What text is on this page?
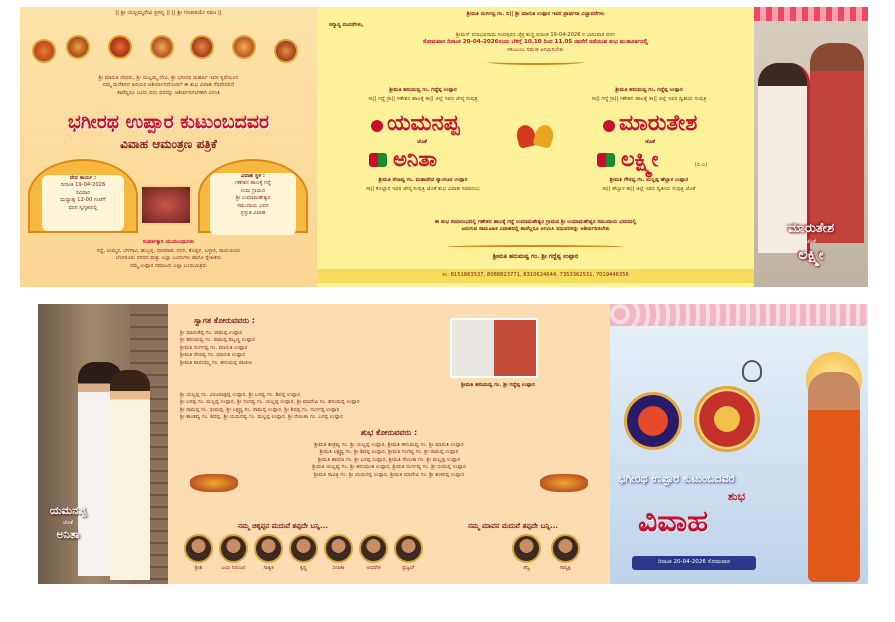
|| ಶ್ರೀ ಯಲ್ಲಮ್ಮದೇವಿ ಪ್ರಸನ್ನ || || ಶ್ರೀ ಗಣಪತಯೇ ನಮಃ ||
ಶ್ರೀ ಮಾರುತಿ ದೇವರು, ಶ್ರೀ ಯಲ್ಲಮ್ಮ ದೇವಿ, ಶ್ರೀ ಭಗೀರಥ ಮಹರ್ಷಿ ಇವರ ಕೃಪೆಯಿಂದ
ನಮ್ಮ ಮನೆತನದ ಹಿರಿಯರ ಆಶೀರ್ವಾದದೊಂದಿಗೆ ಈ ಶುಭ ವಿವಾಹ ನೆರವೇರಲಿದೆ
ತಾವೆಲ್ಲರೂ ಬಂದು ವಧು ವರರನ್ನು ಆಶೀರ್ವದಿಸಬೇಕಾಗಿ ವಿನಂತಿ
ಭಗೀರಥ ಉಪ್ಪಾರ ಕುಟುಂಬದವರ
ವಿವಾಹ ಆಮಂತ್ರಣ ಪತ್ರಿಕೆ
ದೇವ ಕಾರ್ಯ :
ದಿನಾಂಕ 19-04-2026
ರವಿವಾರ
ಮಧ್ಯಾಹ್ನ 12-00 ಗಂಟೆಗೆ
ವರನ ಸ್ವಗೃಹದಲ್ಲಿ
ವಿವಾಹ ಸ್ಥಳ :
ಗಣೇಶನ ಹಾಲಕ್ಕೆ ಗದ್ದೆ
ಉಮ ಗ್ರಾಮದ
ಶ್ರೀ ಉಮಾಮಹೇಶ್ವರ
ಸಮುದಾಯ ಭವನ
ಪ್ರಸ್ತುತ ವಿವಾಹ
ಸಂಪರ್ಕಕ್ಕಾಗಿ ಯುವಬಂಧುಗಳು
ಗದ್ದೆ, ಉಮ್ಮರ, ಬೆಳಗಾವಿ, ಹುಬ್ಬಳ್ಳಿ, ಧಾರವಾಡ, ಗದಗ, ಕೊಪ್ಪಳ, ಬಳ್ಳಾರಿ, ರಾಯಚೂರು
ಬೆಂಗಳೂರು ನಗರದ ಮತ್ತು ಎಲ್ಲಾ ಬಂಧುಗಳು ಹಾಗೂ ಸ್ನೇಹಿತರು
ನಮ್ಮ ಉಪ್ಪಾರ ಸಮಾಜದ ಎಲ್ಲಾ ಬಂಧುಮಿತ್ರರು
ಶ್ರೀಮತಿ ದುರ್ಗವ್ವ ಗಂ. ದಿ|| ಶ್ರೀ ಮಾರುತಿ ಉಪ್ಪಾರ ಇವರ ಪ್ರಾರ್ಥನಾ ವಿಜ್ಞಾಪನೆಗಳು
ಸನ್ಮಾನ್ಯ ವಂದನೆಗಳು,
ಶ್ರೀಮನ್ ಪರಾಭವನಾಮ ಸಂವತ್ಸರದ ಚೈತ್ರ ಶುದ್ಧ ದಿನಾಂಕ 19-04-2026 ರ ಭಾನುವಾರ ವರನ
ಸೋಮವಾರ ದಿನಾಂಕ 20-04-2026ರಂದು ಬೆಳಿಗ್ಗೆ 10.10 ರಿಂದ 11.05 ರವರೆಗೆ ನಡೆಯುವ ಶುಭ ಮುಹೂರ್ತದಲ್ಲಿ
ಸಕುಟುಂಬ ಸಮೇತ ಆಗಮಿಸಬೇಕು
ಶ್ರೀಮತಿ ಹನುಮವ್ವ ಗಂ. ಗದ್ದೆಪ್ಪ ಉಪ್ಪಾರ
ಸಾ|| ಗದ್ದೆ ಗ್ರಾ|| ಗಣೇಶನ ಹಾಲಕ್ಕೆ ತಾ|| ಜಿಲ್ಲೆ ಇವರ ಜೇಷ್ಠ ಸುಪುತ್ರ
ಶ್ರೀಮತಿ ಹನುಮವ್ವ ಗಂ. ಗದ್ದೆಪ್ಪ ಉಪ್ಪಾರ
ಸಾ|| ಗದ್ದೆ ಗ್ರಾ|| ಗಣೇಶನ ಹಾಲಕ್ಕೆ ತಾ|| ಜಿಲ್ಲೆ ಇವರ ದ್ವಿತೀಯ ಸುಪುತ್ರ
ಯಮನಪ್ಪ	ಮಾರುತೇಶ
ಜೊತೆ	ಜೊತೆ
ಅನಿತಾ	ಲಕ್ಷ್ಮೀ	(ಬಿ.ಎ)
ಶ್ರೀಮತಿ ರೇಣವ್ವ ಗಂ. ಮಹಾದೇವ ಸ್ಯಾಂಗೂರ ಉಪ್ಪಾರ
ಸಾ|| ಕೊಲ್ಲಾರ ಇವರ ಜೇಷ್ಠ ಸುಪುತ್ರಿ ಜೊತೆ ಶುಭ ವಿವಾಹ ಸಮಾರಂಭ
ಶ್ರೀಮತಿ ಗೌರವ್ವ ಗಂ. ಮಲ್ಲಪ್ಪ ಹೆಬ್ಬಾಳ ಉಪ್ಪಾರ
ಸಾ|| ಹೆಬ್ಬಾಳ ತಾ|| ಜಿಲ್ಲೆ ಇವರ ದ್ವಿತೀಯ ಸುಪುತ್ರಿ ಜೊತೆ
ಈ ಶುಭ ಸಮಾರಂಭದಲ್ಲಿ ಗಣೇಶನ ಹಾಲಕ್ಕೆ ಗದ್ದೆ ಉಮಾಮಹೇಶ್ವರ ಗ್ರಾಮದ ಶ್ರೀ ಉಮಾಮಹೇಶ್ವರ ಸಮುದಾಯ ಭವನದಲ್ಲಿ
ಜರುಗುವ ಸಾಮೂಹಿಕ ವಿವಾಹದಲ್ಲಿ ತಾವೆಲ್ಲರೂ ಆಗಮಿಸಿ ವಧುವರರನ್ನು ಆಶೀರ್ವದಿಸಬೇಕು
ಶ್ರೀಮತಿ ಹನುಮವ್ವ ಗಂ. ಶ್ರೀ ಗದ್ದೆಪ್ಪ ಉಪ್ಪಾರ
ಸಂ: 8151863537, 8088823771, 8310624644, 7353362531, 7019446356
ಮಾರುತೇಶ
ಜೊತೆ
ಲಕ್ಷ್ಮೀ
ಯಮನಪ್ಪ
ಜೊತೆ
ಅನಿತಾ
ಸ್ವಾಗತ ಕೋರುವವರು :
ಶ್ರೀ ಮಾರುತೆಪ್ಪ ಗಂ. ರಾಮಪ್ಪ ಉಪ್ಪಾರ
ಶ್ರೀ ಹನುಮವ್ವ ಗಂ. ರಾಮಪ್ಪ ಡಬ್ಬಣ್ಣ ಉಪ್ಪಾರ
ಶ್ರೀಮತಿ ದುರ್ಗವ್ವ ಗಂ. ಮಾರುತಿ ಉಪ್ಪಾರ
ಶ್ರೀಮತಿ ರೇಣವ್ವ ಗಂ. ಮಾರುತಿ ಉಪ್ಪಾರ
ಶ್ರೀಮತಿ ಶಾರದಮ್ಮ ಗಂ. ಹನುಮಪ್ಪ ಪಾಟೀಲ
ಶ್ರೀಮತಿ ಹನುಮವ್ವ ಗಂ. ಶ್ರೀ ಗದ್ದೆಪ್ಪ ಉಪ್ಪಾರ
ಶ್ರೀ ಯಲ್ಲಪ್ಪ ಗಂ. ವಿರೂಪಾಕ್ಷಪ್ಪ ಉಪ್ಪಾರ, ಶ್ರೀ ಬಸವ್ವ ಗಂ. ಶಿವಪ್ಪ ಉಪ್ಪಾರ
ಶ್ರೀ ಬಸಪ್ಪ ಗಂ. ಮಲ್ಲಪ್ಪ ಉಪ್ಪಾರ, ಶ್ರೀ ಗಂಗವ್ವ ಗಂ. ಯಲ್ಲಪ್ಪ ಉಪ್ಪಾರ, ಶ್ರೀ ಮಾದೇವಿ ಗಂ. ಹನುಮಪ್ಪ ಉಪ್ಪಾರ
ಶ್ರೀ ರಾಮಪ್ಪ ಗಂ. ಭೀಮಪ್ಪ, ಶ್ರೀ ಲಕ್ಷ್ಮವ್ವ ಗಂ. ರಾಮಪ್ಪ ಉಪ್ಪಾರ, ಶ್ರೀ ಶಿವಪ್ಪ ಗಂ. ದುರ್ಗಪ್ಪ ಉಪ್ಪಾರ
ಶ್ರೀ ಶಾಂತವ್ವ ಗಂ. ಶಿವಪ್ಪ, ಶ್ರೀ ಯಮನವ್ವ ಗಂ. ಮಲ್ಲಪ್ಪ ಉಪ್ಪಾರ, ಶ್ರೀ ರೇಣುಕಾ ಗಂ. ಬಸಪ್ಪ ಉಪ್ಪಾರ
ಶುಭ ಕೋರುವವರು :
ಶ್ರೀಮತಿ ಶಂಕ್ರವ್ವ ಗಂ. ಶ್ರೀ ಯಲ್ಲಪ್ಪ ಉಪ್ಪಾರ, ಶ್ರೀಮತಿ ಹನುಮವ್ವ ಗಂ. ಶ್ರೀ ಮಾರುತಿ ಉಪ್ಪಾರ
ಶ್ರೀಮತಿ ಲಕ್ಷ್ಮವ್ವ ಗಂ. ಶ್ರೀ ಶಿವಪ್ಪ ಉಪ್ಪಾರ, ಶ್ರೀಮತಿ ಗಂಗವ್ವ ಗಂ. ಶ್ರೀ ರಾಮಪ್ಪ ಉಪ್ಪಾರ
ಶ್ರೀಮತಿ ಶಾರದಾ ಗಂ. ಶ್ರೀ ಬಸಪ್ಪ ಉಪ್ಪಾರ, ಶ್ರೀಮತಿ ರೇಣುಕಾ ಗಂ. ಶ್ರೀ ಮಲ್ಲಪ್ಪ ಉಪ್ಪಾರ
ಶ್ರೀಮತಿ ಯಲ್ಲವ್ವ ಗಂ. ಶ್ರೀ ಹನುಮಂತ ಉಪ್ಪಾರ, ಶ್ರೀಮತಿ ದುರ್ಗವ್ವ ಗಂ. ಶ್ರೀ ಭೀಮಪ್ಪ ಉಪ್ಪಾರ
ಶ್ರೀಮತಿ ಸಾವಿತ್ರಿ ಗಂ. ಶ್ರೀ ಯಮನಪ್ಪ ಉಪ್ಪಾರ, ಶ್ರೀಮತಿ ಮಾದೇವಿ ಗಂ. ಶ್ರೀ ಶಂಕರಪ್ಪ ಉಪ್ಪಾರ
ನಮ್ಮ ಚಿಕ್ಕಪ್ಪನ ಮದುವೆ ತಪ್ಪದೇ ಬನ್ನಿ...	ನಮ್ಮ ಮಾವನ ಮದುವೆ ತಪ್ಪದೇ ಬನ್ನಿ...
ಶ್ರೀಶ	ಜಯ ನಿರಂಜನ	ಸಾತ್ವಿಕ	ಕೃಷ್ಣ	ದೀಪಿಕಾ	ಅಭಿಷೇಕ	ಪ್ರಜ್ವಲ್	ತನ್ವಿ	ಸಾನ್ವಿಕ್ಷಿ
ಭಗೀರಥ ಉಪ್ಪಾರ ಕುಟುಂಬದವರ
ಶುಭ
ವಿವಾಹ
ದಿನಾಂಕ 20-04-2026 ಸೋಮವಾರ
